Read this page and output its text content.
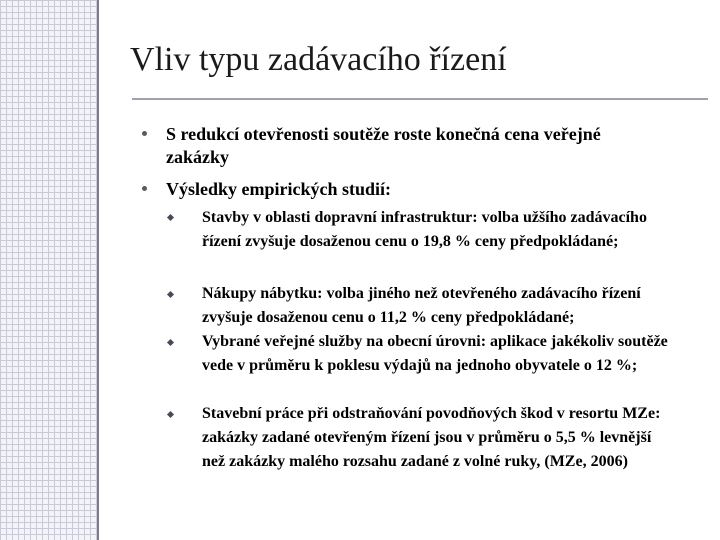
Vliv typu zadávacího řízení
S redukcí otevřenosti soutěže roste konečná cena veřejné zakázky
Výsledky empirických studií:
Stavby v oblasti dopravní infrastruktur: volba užšího zadávacího řízení zvyšuje dosaženou cenu o 19,8 % ceny předpokládané;
Nákupy nábytku: volba jiného než otevřeného zadávacího řízení zvyšuje dosaženou cenu o 11,2 % ceny předpokládané;
Vybrané veřejné služby na obecní úrovni: aplikace jakékoliv soutěže vede v průměru k poklesu výdajů na jednoho obyvatele o 12 %;
Stavební práce při odstraňování povodňových škod v resortu MZe: zakázky zadané otevřeným řízení jsou v průměru o 5,5 % levnější než zakázky malého rozsahu zadané z volné ruky, (MZe, 2006)
